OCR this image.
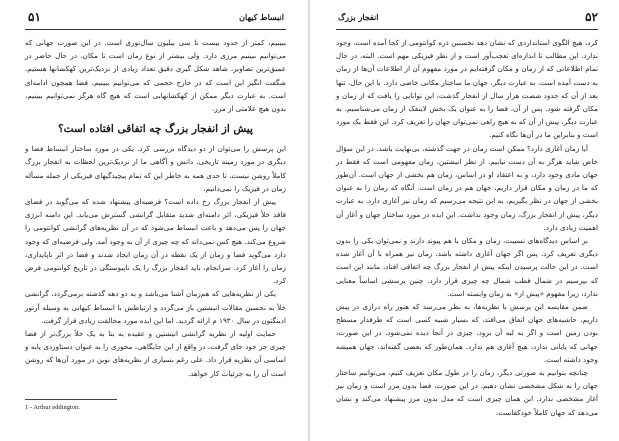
۵۱	انبساط کیهان

ببینیم، کمتر از حدود بیست تا سی بیلیون سال‌نوری است. در این صورت جهانی که می‌توانیم ببینیم مرزی دارد. ولی بیشتر از نوع زمان است تا مکان. در حال حاضر در عمیق‌ترین تصاویر، شاهد شکل گیری دقیق تعداد زیادی از نزدیک‌ترین کهکشانها هستیم. شگفت انگیز این است که در خارج حجمی که می‌توانیم ببینیم، فضا همچون ادامه‌ای است. به عبارت دیگر ممکن از کهکشانهایی است که هیچ گاه هرگز نمی‌توانیم ببینیم، بدون هیچ علامتی از مرز.

پیش از انفجار بزرگ چه اتفاقی افتاده است؟

این پرسش را می‌توان از دو دیدگاه بررسی کرد. یکی در مورد ساختار انبساط فضا و دیگری در مورد زمینه تاریخی. دانش و آگاهی ما از نزدیک‌ترین لحظات به انفجار بزرگ کاملاً روشن نیست. تا حدی همه به خاطر این که تمام پیچیدگیهای فیزیکی از جمله مسأله زمان در فیزیک را نمی‌دانیم.

پیش از انفجار بزرگ رخ داده است؟ فرضیه‌ای پیشنهاد شده که می‌گوید در فضای فاقد خلأ فیزیکی، اثر دامنه‌ای شدید متقابل گرانشی گسترش می‌یابد. این دامنه انرژی جهان را پس می‌دهد و باعث انبساط می‌شود که در آن نظریه‌های گرانشی کوانتومی را شروع می‌کند. هیچ کس نمی‌داند که چه چیزی از آن به وجود آمد. ولی فرضیه‌ای که وجود دارد می‌گوید فضا و زمان از یک نقطه در آن زمان ایجاد شدند و فضا در اثر ناپایداری، زمان را آغاز کرد. سرانجام، باید انفجار بزرگ را یک ناپیوستگی در تاریخ کوانتومی فرض کرد.

یکی از نظریه‌هایی که هم‌زمان آشنا می‌باشد و به دو دهه گذشته برمی‌گردد، گرانشی خلأ به نحسین مقالات انیشتین باز می‌گردد و ارتباطش با انبساط کیهانی به وسیله آرتور ادینگتون در سال ۱۹۳۰ م ارائه گردید. اما این ایده مورد مخالفت زیادی قرار گرفت.

حمایت اولیه از نظریه گرانشی انیشتین و عقیده به بنا به یک خلأ بزرگ‌تر از فضا چیزی جز خود جای گرفت. در واقع از این جایگاهی، محوری را به عنوان دستاوردی پایه و اساسی آن نظریه قرار داد. علی رغم بسیاری از نظریه‌های نوین در مورد آن‌ها که روشن است آن را به جزئیات کار خواهد.

1 - Arthur eddington.
۵۲
انفجار بزرگ

کرد، هیچ الگوی استانداردی که نشان دهد نخستین ذره کوانتومی از کجا آمده است، وجود ندارد. این مطالب تا اندازه‌ای تعجب‌آور است و از نظر فیزیکی مهم است. البته، در حال تمام اطلاعاتی که از زمان و مکان گرفته‌ایم در مورد مفهوم آن از اطلاعات آن‌ها از زمان به دست آمده است. به عبارت دیگر، جهان ما ساختار مکانی خاصی دارد. با این حال، تنها بعد از آن که حدود شصت هزار سال از انفجار گذشت، این توانایی را یافت که از زمان و مکان گرفته شود. پس از آن، فضا را به عنوان یک بخش لاینفک از زمان می‌شناسیم. به عبارت دیگر، پیش از آن که به هیچ راهی نمی‌توان جهان را تعریف کرد. این فقط یک مورد است و بنابراین ما در آن‌ها نگاه کنیم.

آیا زمان آغازی دارد؟ ممکن است زمان در جهت گذشته، بی‌نهایت باشد. در این سؤال خاص شاید هرگز به آن دست نیابیم. از نظر انیشتین، زمان مفهومی است که فقط در جهان مادی وجود دارد، و به اعتقاد او در اساس، زمان هم بخشی از جهان است. آن‌طور که ما در زمان و مکان قرار داریم، جهان هم در زمان است. آنگاه که زمان را به عنوان بخشی از جهان در نظر بگیریم، به این نتیجه می‌رسیم که زمان نیز آغازی دارد. به عبارت دیگر، پیش از انفجار بزرگ، زمان وجود نداشت. این ایده در مورد ساختار جهان و آغاز آن اهمیت زیادی دارد.

بر اساس دیدگاه‌های نسبیت، زمان و مکان با هم پیوند دارند و نمی‌توان یکی را بدون دیگری تعریف کرد. پس اگر جهان آغازی داشته باشد، زمان نیز همراه با آن آغاز شده است. در این حالت پرسیدن اینکه پیش از انفجار بزرگ چه اتفاقی افتاد، مانند این است که بپرسیم در شمال قطب شمال چه چیزی قرار دارد. چنین پرسشی اساساً معنایی ندارد، زیرا مفهوم «پیش از» به زمان وابسته است.

ضمن مقایسه این پرسش با نظریه‌ها، به نظر می‌رسد که هنوز راه درازی در پیش داریم. حاشیه‌های جهان اتفاق می‌افتد، که بسیار شبیه کسی است که طرفدار مسطح بودن زمین است و اگر به لبه آن برود، چیزی در آنجا دیده نمی‌شود. در این صورت، جهانی که پایانی ندارد، هیچ آغازی هم ندارد. همان‌طور که بعضی گفته‌اند، جهان همیشه وجود داشته است.

چنانچه بتوانیم به صورتی دیگر، زمان را در طول مکان تعریف کنیم، می‌توانیم ساختار جهان را به شکل مشخصی نشان دهیم. در این صورت، فضا بدون مرز است و زمان نیز آغاز مشخصی ندارد. این همان چیزی است که مدل بدون مرز پیشنهاد می‌کند و نشان می‌دهد که جهان کاملاً خودکفاست.
